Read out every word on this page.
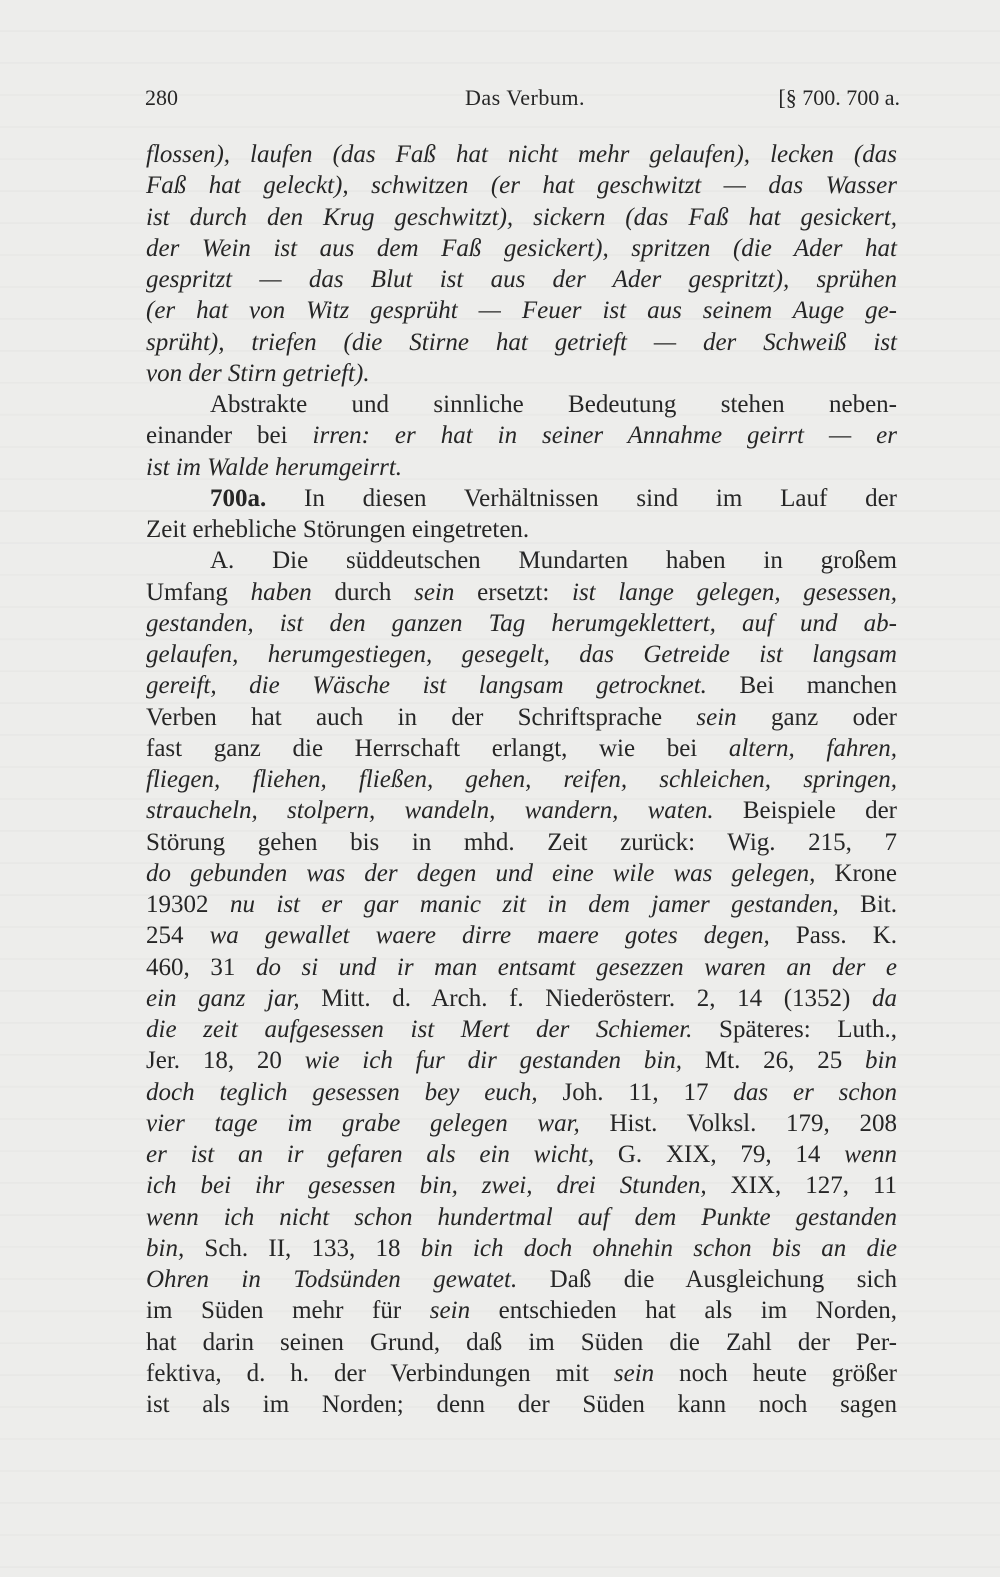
280	Das Verbum.	[§ 700. 700 a.
flossen), laufen (das Faß hat nicht mehr gelaufen), lecken (das
Faß hat geleckt), schwitzen (er hat geschwitzt — das Wasser
ist durch den Krug geschwitzt), sickern (das Faß hat gesickert,
der Wein ist aus dem Faß gesickert), spritzen (die Ader hat
gespritzt — das Blut ist aus der Ader gespritzt), sprühen
(er hat von Witz gesprüht — Feuer ist aus seinem Auge ge-
sprüht), triefen (die Stirne hat getrieft — der Schweiß ist
von der Stirn getrieft).
Abstrakte und sinnliche Bedeutung stehen neben-
einander bei irren: er hat in seiner Annahme geirrt — er
ist im Walde herumgeirrt.
700a. In diesen Verhältnissen sind im Lauf der
Zeit erhebliche Störungen eingetreten.
A. Die süddeutschen Mundarten haben in großem
Umfang haben durch sein ersetzt: ist lange gelegen, gesessen,
gestanden, ist den ganzen Tag herumgeklettert, auf und ab-
gelaufen, herumgestiegen, gesegelt, das Getreide ist langsam
gereift, die Wäsche ist langsam getrocknet. Bei manchen
Verben hat auch in der Schriftsprache sein ganz oder
fast ganz die Herrschaft erlangt, wie bei altern, fahren,
fliegen, fliehen, fließen, gehen, reifen, schleichen, springen,
straucheln, stolpern, wandeln, wandern, waten. Beispiele der
Störung gehen bis in mhd. Zeit zurück: Wig. 215, 7
do gebunden was der degen und eine wile was gelegen, Krone
19302 nu ist er gar manic zit in dem jamer gestanden, Bit.
254 wa gewallet waere dirre maere gotes degen, Pass. K.
460, 31 do si und ir man entsamt gesezzen waren an der e
ein ganz jar, Mitt. d. Arch. f. Niederösterr. 2, 14 (1352) da
die zeit aufgesessen ist Mert der Schiemer. Späteres: Luth.,
Jer. 18, 20 wie ich fur dir gestanden bin, Mt. 26, 25 bin
doch teglich gesessen bey euch, Joh. 11, 17 das er schon
vier tage im grabe gelegen war, Hist. Volksl. 179, 208
er ist an ir gefaren als ein wicht, G. XIX, 79, 14 wenn
ich bei ihr gesessen bin, zwei, drei Stunden, XIX, 127, 11
wenn ich nicht schon hundertmal auf dem Punkte gestanden
bin, Sch. II, 133, 18 bin ich doch ohnehin schon bis an die
Ohren in Todsünden gewatet. Daß die Ausgleichung sich
im Süden mehr für sein entschieden hat als im Norden,
hat darin seinen Grund, daß im Süden die Zahl der Per-
fektiva, d. h. der Verbindungen mit sein noch heute größer
ist als im Norden; denn der Süden kann noch sagen
